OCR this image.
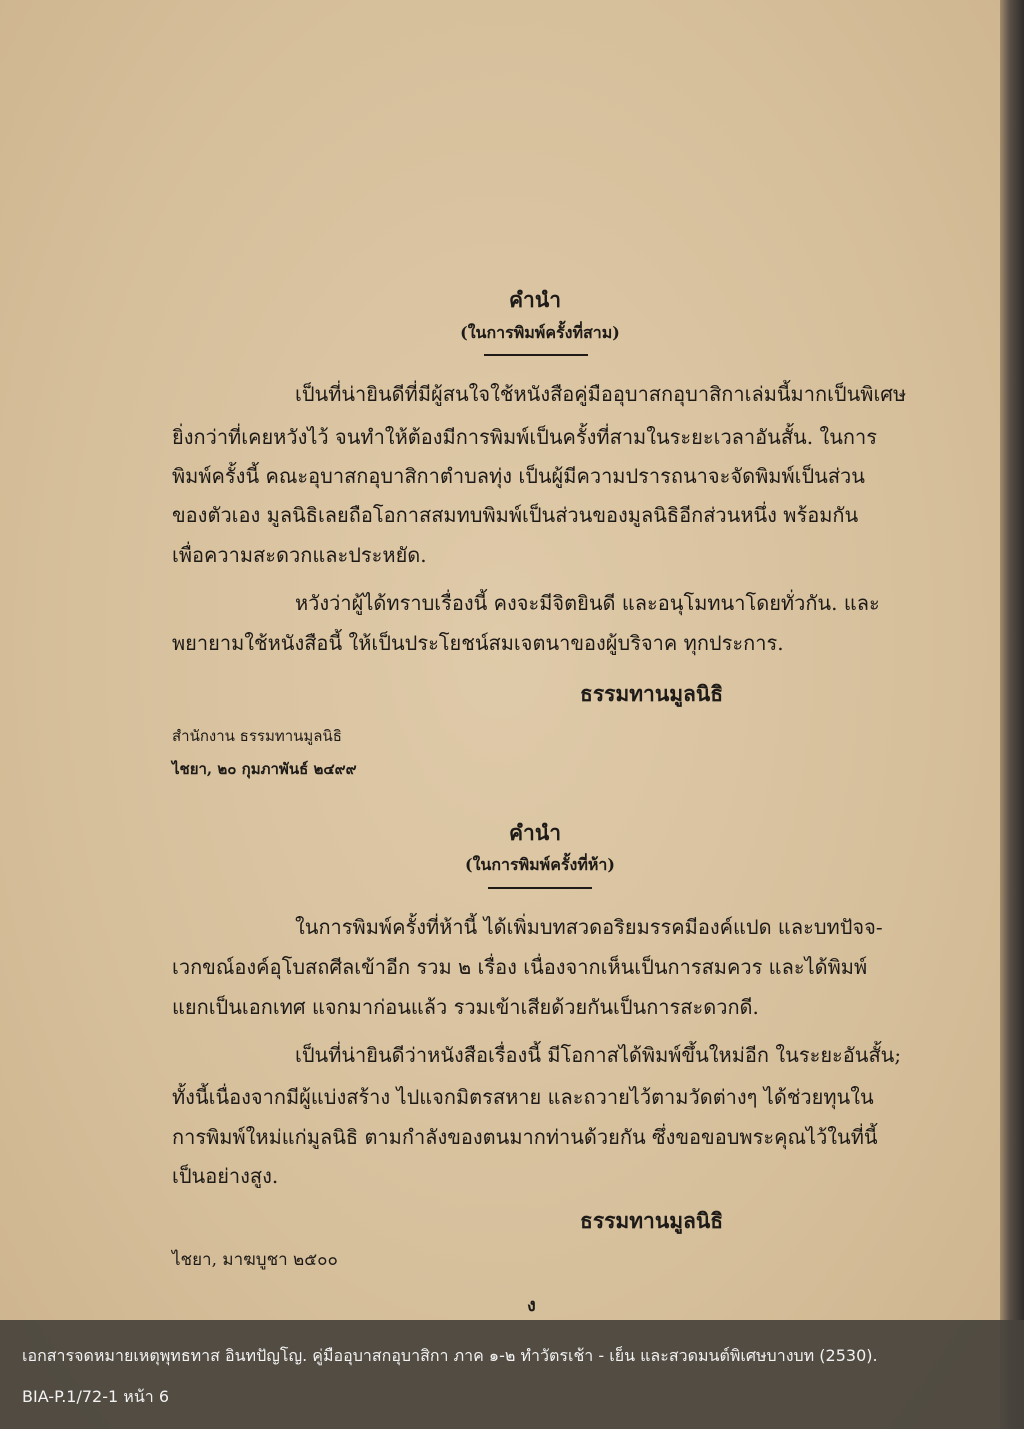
คำนำ
(ในการพิมพ์ครั้งที่สาม)
เป็นที่น่ายินดีที่มีผู้สนใจใช้หนังสือคู่มืออุบาสกอุบาสิกาเล่มนี้มากเป็นพิเศษ
ยิ่งกว่าที่เคยหวังไว้ จนทำให้ต้องมีการพิมพ์เป็นครั้งที่สามในระยะเวลาอันสั้น. ในการ
พิมพ์ครั้งนี้ คณะอุบาสกอุบาสิกาตำบลทุ่ง เป็นผู้มีความปรารถนาจะจัดพิมพ์เป็นส่วน
ของตัวเอง มูลนิธิเลยถือโอกาสสมทบพิมพ์เป็นส่วนของมูลนิธิอีกส่วนหนึ่ง พร้อมกัน
เพื่อความสะดวกและประหยัด.
หวังว่าผู้ได้ทราบเรื่องนี้ คงจะมีจิตยินดี และอนุโมทนาโดยทั่วกัน. และ
พยายามใช้หนังสือนี้ ให้เป็นประโยชน์สมเจตนาของผู้บริจาค ทุกประการ.
ธรรมทานมูลนิธิ
สำนักงาน ธรรมทานมูลนิธิ
ไชยา, ๒๐ กุมภาพันธ์ ๒๔๙๙
คำนำ
(ในการพิมพ์ครั้งที่ห้า)
ในการพิมพ์ครั้งที่ห้านี้ ได้เพิ่มบทสวดอริยมรรคมีองค์แปด และบทปัจจ-
เวกขณ์องค์อุโบสถศีลเข้าอีก รวม ๒ เรื่อง เนื่องจากเห็นเป็นการสมควร และได้พิมพ์
แยกเป็นเอกเทศ แจกมาก่อนแล้ว รวมเข้าเสียด้วยกันเป็นการสะดวกดี.
เป็นที่น่ายินดีว่าหนังสือเรื่องนี้ มีโอกาสได้พิมพ์ขึ้นใหม่อีก ในระยะอันสั้น;
ทั้งนี้เนื่องจากมีผู้แบ่งสร้าง ไปแจกมิตรสหาย และถวายไว้ตามวัดต่างๆ ได้ช่วยทุนใน
การพิมพ์ใหม่แก่มูลนิธิ ตามกำลังของตนมากท่านด้วยกัน ซึ่งขอขอบพระคุณไว้ในที่นี้
เป็นอย่างสูง.
ธรรมทานมูลนิธิ
ไชยา, มาฆบูชา ๒๕๐๐
ง
เอกสารจดหมายเหตุพุทธทาส อินทปัญโญ. คู่มืออุบาสกอุบาสิกา ภาค ๑-๒ ทำวัตรเช้า - เย็น และสวดมนต์พิเศษบางบท (2530).
BIA-P.1/72-1 หน้า 6
